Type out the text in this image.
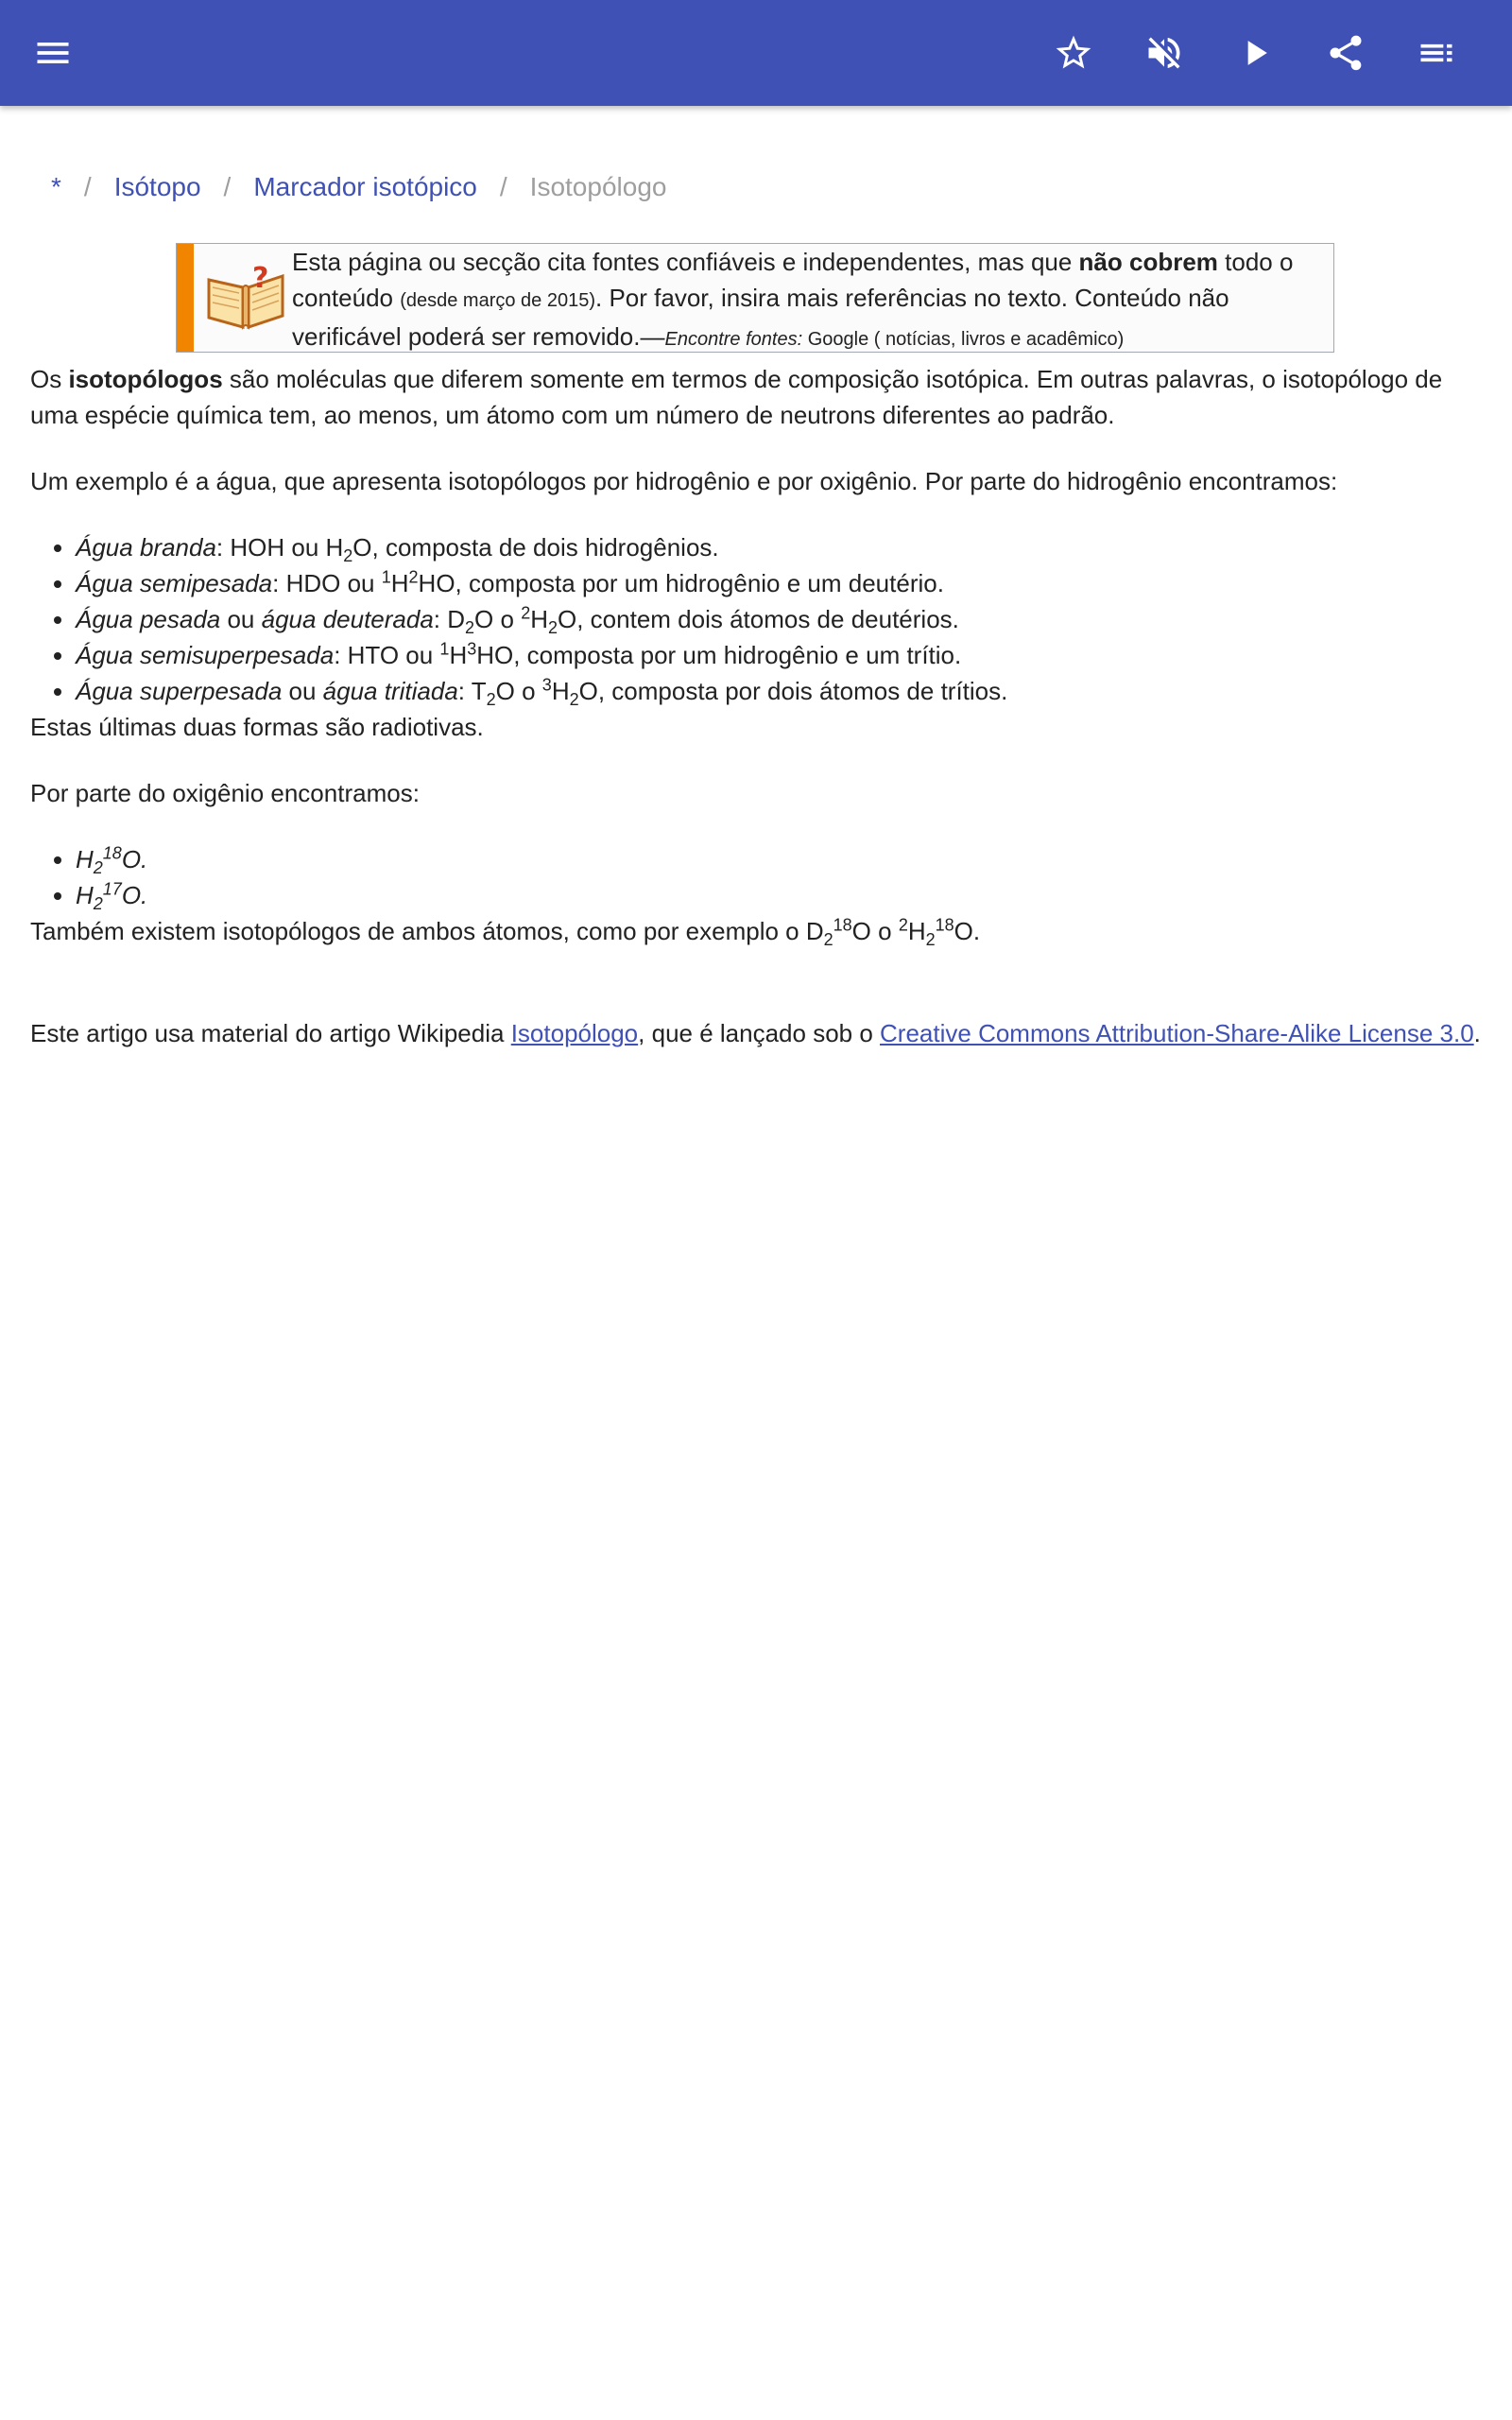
* / Isótopo / Marcador isotópico / Isotopólogo
? Esta página ou secção cita fontes confiáveis e independentes, mas que não cobrem todo o conteúdo (desde março de 2015). Por favor, insira mais referências no texto. Conteúdo não verificável poderá ser removido.—Encontre fontes: Google ( notícias, livros e acadêmico)

Os isotopólogos são moléculas que diferem somente em termos de composição isotópica. Em outras palavras, o isotopólogo de uma espécie química tem, ao menos, um átomo com um número de neutrons diferentes ao padrão.

Um exemplo é a água, que apresenta isotopólogos por hidrogênio e por oxigênio. Por parte do hidrogênio encontramos:

• Água branda: HOH ou $H_2O$, composta de dois hidrogênios.
• Água semipesada: HDO ou $^1H^2HO$, composta por um hidrogênio e um deutério.
• Água pesada ou água deuterada: $D_2O$ o $^2H_2O$, contem dois átomos de deutérios.
• Água semisuperpesada: HTO ou $^1H^3HO$, composta por um hidrogênio e um trítio.
• Água superpesada ou água tritiada: $T_2O$ o $^3H_2O$, composta por dois átomos de trítios.

Estas últimas duas formas são radiotivas.

Por parte do oxigênio encontramos:

• $H_2^{18}O$.
• $H_2^{17}O$.

Também existem isotopólogos de ambos átomos, como por exemplo o $D_2^{18}O$ o $^2H_2^{18}O$.

Este artigo usa material do artigo Wikipedia Isotopólogo, que é lançado sob o Creative Commons Attribution-Share-Alike License 3.0.
